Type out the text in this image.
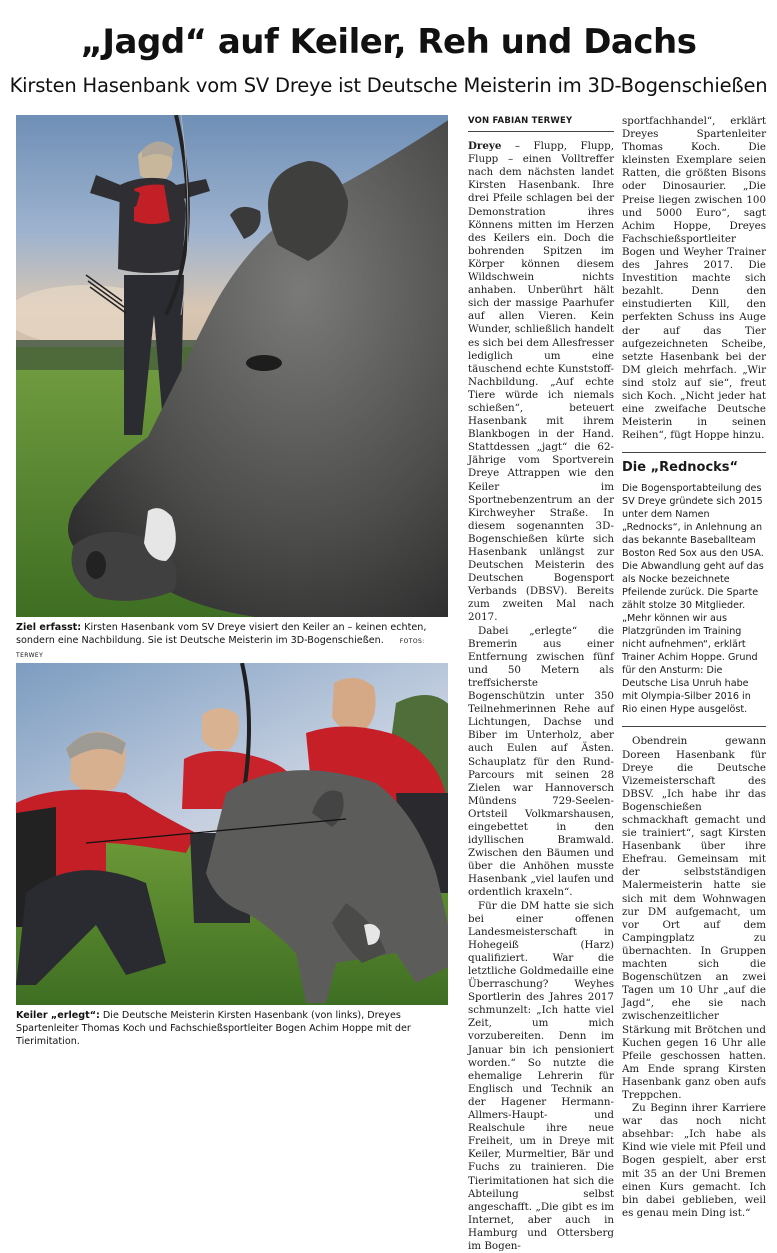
„Jagd“ auf Keiler, Reh und Dachs
Kirsten Hasenbank vom SV Dreye ist Deutsche Meisterin im 3D-Bogenschießen
Ziel erfasst: Kirsten Hasenbank vom SV Dreye visiert den Keiler an – keinen echten, sondern eine Nachbildung. Sie ist Deutsche Meisterin im 3D-Bogenschießen.	FOTOS: TERWEY
Keiler „erlegt“: Die Deutsche Meisterin Kirsten Hasenbank (von links), Dreyes Spartenleiter Thomas Koch und Fachschießsportleiter Bogen Achim Hoppe mit der Tierimitation.
VON FABIAN TERWEY

Dreye – Flupp, Flupp, Flupp – einen Volltreffer nach dem nächsten landet Kirsten Hasenbank. Ihre drei Pfeile schlagen bei der Demonstration ihres Könnens mitten im Herzen des Keilers ein. Doch die bohrenden Spitzen im Körper können diesem Wildschwein nichts anhaben. Unberührt hält sich der massige Paarhufer auf allen Vieren. Kein Wunder, schließlich handelt es sich bei dem Allesfresser lediglich um eine täuschend echte Kunststoff-Nachbildung. „Auf echte Tiere würde ich niemals schießen“, beteuert Hasenbank mit ihrem Blankbogen in der Hand. Stattdessen „jagt“ die 62-Jährige vom Sportverein Dreye Attrappen wie den Keiler im Sportnebenzentrum an der Kirchweyher Straße. In diesem sogenannten 3D-Bogenschießen kürte sich Hasenbank unlängst zur Deutschen Meisterin des Deutschen Bogensport Verbands (DBSV). Bereits zum zweiten Mal nach 2017.

Dabei „erlegte“ die Bremerin aus einer Entfernung zwischen fünf und 50 Metern als treffsicherste Bogenschützin unter 350 Teilnehmerinnen Rehe auf Lichtungen, Dachse und Biber im Unterholz, aber auch Eulen auf Ästen. Schauplatz für den Rund-Parcours mit seinen 28 Zielen war Hannoversch Mündens 729-Seelen-Ortsteil Volkmarshausen, eingebettet in den idyllischen Bramwald. Zwischen den Bäumen und über die Anhöhen musste Hasenbank „viel laufen und ordentlich kraxeln“.

Für die DM hatte sie sich bei einer offenen Landesmeisterschaft in Hohegeiß (Harz) qualifiziert. War die letztliche Goldmedaille eine Überraschung? Weyhes Sportlerin des Jahres 2017 schmunzelt: „Ich hatte viel Zeit, um mich vorzubereiten. Denn im Januar bin ich pensioniert worden.“ So nutzte die ehemalige Lehrerin für Englisch und Technik an der Hagener Hermann-Allmers-Haupt- und Realschule ihre neue Freiheit, um in Dreye mit Keiler, Murmeltier, Bär und Fuchs zu trainieren. Die Tierimitationen hat sich die Abteilung selbst angeschafft. „Die gibt es im Internet, aber auch in Hamburg und Ottersberg im Bogen-

sportfachhandel“, erklärt Dreyes Spartenleiter Thomas Koch. Die kleinsten Exemplare seien Ratten, die größten Bisons oder Dinosaurier. „Die Preise liegen zwischen 100 und 5000 Euro“, sagt Achim Hoppe, Dreyes Fachschießsportleiter Bogen und Weyher Trainer des Jahres 2017. Die Investition machte sich bezahlt. Denn den einstudierten Kill, den perfekten Schuss ins Auge der auf das Tier aufgezeichneten Scheibe, setzte Hasenbank bei der DM gleich mehrfach. „Wir sind stolz auf sie“, freut sich Koch. „Nicht jeder hat eine zweifache Deutsche Meisterin in seinen Reihen“, fügt Hoppe hinzu.

Die „Rednocks“
Die Bogensportabteilung des SV Dreye gründete sich 2015 unter dem Namen „Rednocks“, in Anlehnung an das bekannte Baseballteam Boston Red Sox aus den USA. Die Abwandlung geht auf das als Nocke bezeichnete Pfeilende zurück. Die Sparte zählt stolze 30 Mitglieder. „Mehr können wir aus Platzgründen im Training nicht aufnehmen“, erklärt Trainer Achim Hoppe. Grund für den Ansturm: Die Deutsche Lisa Unruh habe mit Olympia-Silber 2016 in Rio einen Hype ausgelöst.

Obendrein gewann Doreen Hasenbank für Dreye die Deutsche Vizemeisterschaft des DBSV. „Ich habe ihr das Bogenschießen schmackhaft gemacht und sie trainiert“, sagt Kirsten Hasenbank über ihre Ehefrau. Gemeinsam mit der selbstständigen Malermeisterin hatte sie sich mit dem Wohnwagen zur DM aufgemacht, um vor Ort auf dem Campingplatz zu übernachten. In Gruppen machten sich die Bogenschützen an zwei Tagen um 10 Uhr „auf die Jagd“, ehe sie nach zwischenzeitlicher Stärkung mit Brötchen und Kuchen gegen 16 Uhr alle Pfeile geschossen hatten. Am Ende sprang Kirsten Hasenbank ganz oben aufs Treppchen.

Zu Beginn ihrer Karriere war das noch nicht absehbar: „Ich habe als Kind wie viele mit Pfeil und Bogen gespielt, aber erst mit 35 an der Uni Bremen einen Kurs gemacht. Ich bin dabei geblieben, weil es genau mein Ding ist.“
